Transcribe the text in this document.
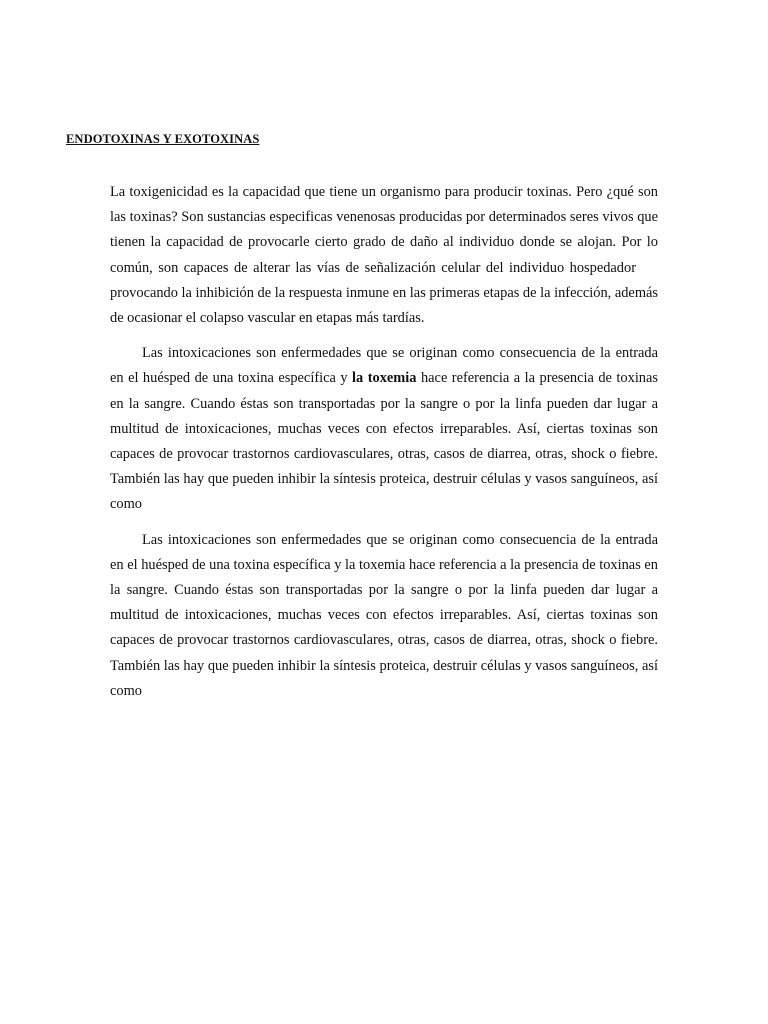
ENDOTOXINAS Y EXOTOXINAS
La toxigenicidad es la capacidad que tiene un organismo para producir toxinas. Pero ¿qué son las toxinas? Son sustancias especificas venenosas producidas por determinados seres vivos que tienen la capacidad de provocarle cierto grado de daño al individuo donde se alojan. Por lo común, son capaces de alterar las vías de señalización celular del individuo hospedadorprovocando la inhibición de la respuesta inmune en las primeras etapas de la infección, además de ocasionar el colapso vascular en etapas más tardías.
Las intoxicaciones son enfermedades que se originan como consecuencia de la entrada en el huésped de una toxina específica y la toxemia hace referencia a la presencia de toxinas en la sangre. Cuando éstas son transportadas por la sangre o por la linfa pueden dar lugar a multitud de intoxicaciones, muchas veces con efectos irreparables. Así, ciertas toxinas son capaces de provocar trastornos cardiovasculares, otras, casos de diarrea, otras, shock o fiebre. También las hay que pueden inhibir la síntesis proteica, destruir células y vasos sanguíneos, así como
Las intoxicaciones son enfermedades que se originan como consecuencia de la entrada en el huésped de una toxina específica y la toxemia hace referencia a la presencia de toxinas en la sangre. Cuando éstas son transportadas por la sangre o por la linfa pueden dar lugar a multitud de intoxicaciones, muchas veces con efectos irreparables. Así, ciertas toxinas son capaces de provocar trastornos cardiovasculares, otras, casos de diarrea, otras, shock o fiebre. También las hay que pueden inhibir la síntesis proteica, destruir células y vasos sanguíneos, así como
